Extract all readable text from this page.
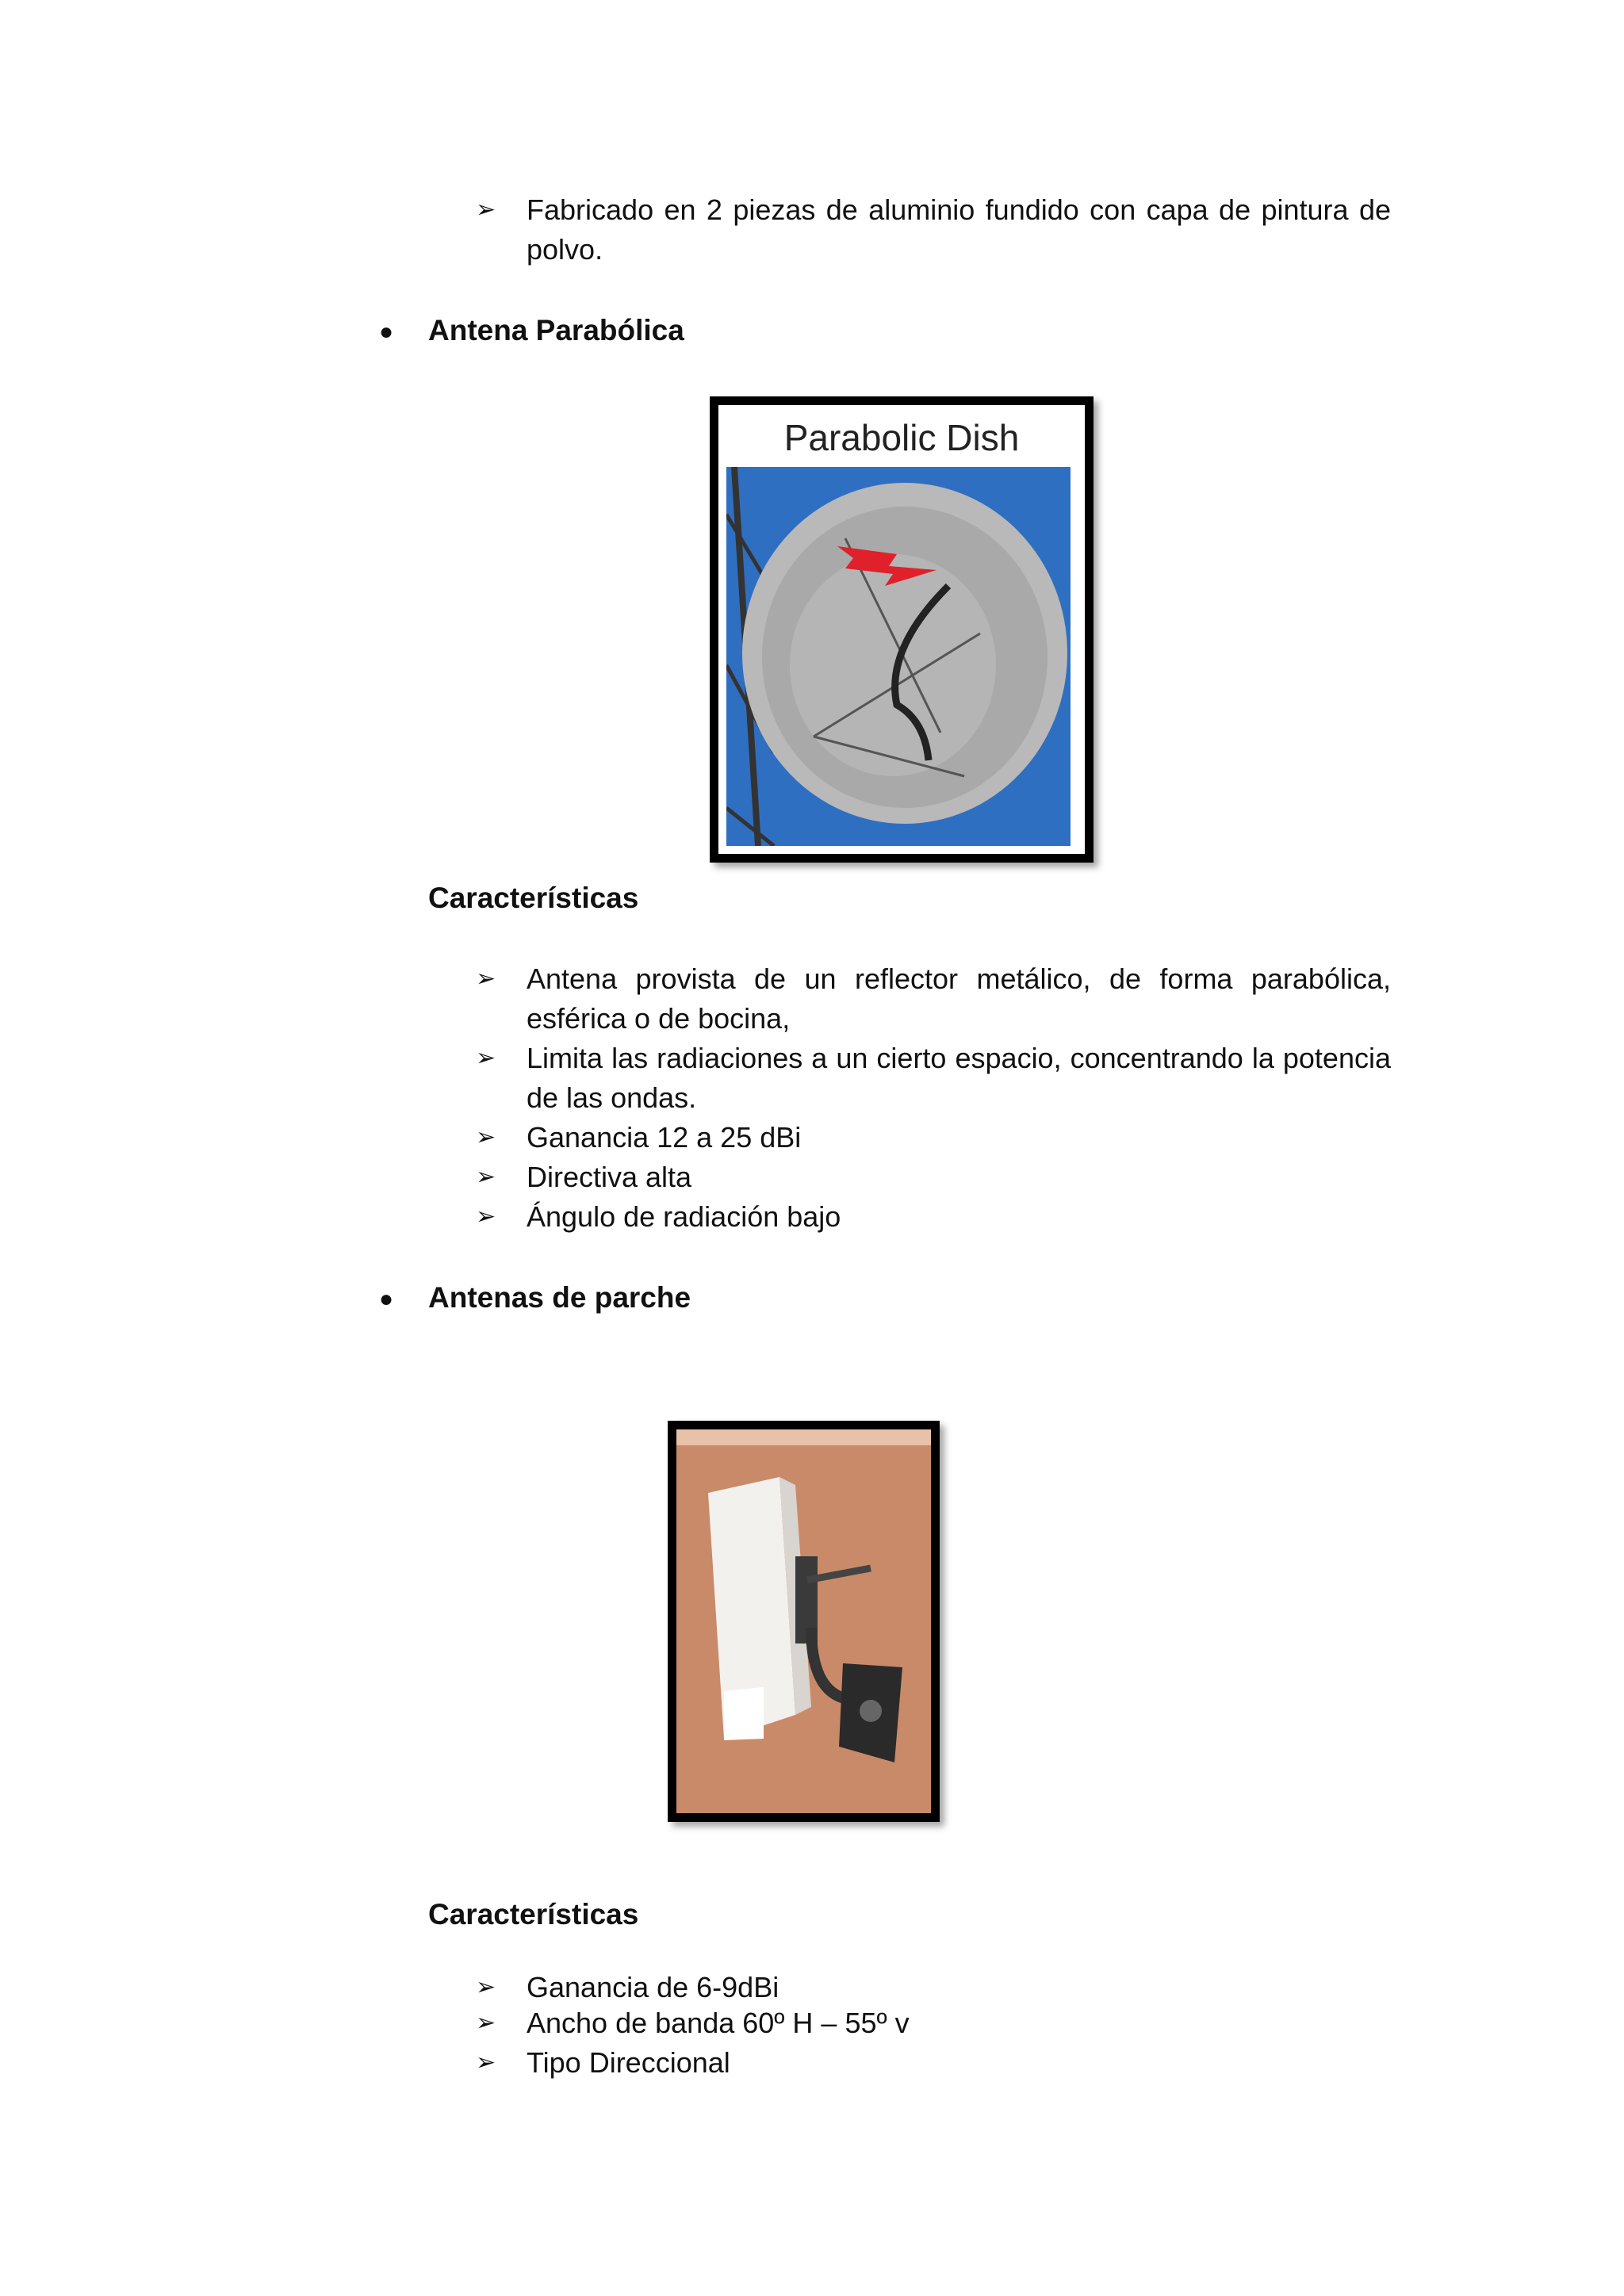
➢ Fabricado en 2 piezas de aluminio fundido con capa de pintura de polvo.
● Antena Parabólica
Parabolic Dish
Características
➢ Antena provista de un reflector metálico, de forma parabólica, esférica o de bocina,
➢ Limita las radiaciones a un cierto espacio, concentrando la potencia de las ondas.
➢ Ganancia 12 a 25 dBi
➢ Directiva alta
➢ Ángulo de radiación bajo
● Antenas de parche
Características
➢ Ganancia de 6-9dBi
➢ Ancho de banda 60º H – 55º v
➢ Tipo Direccional
